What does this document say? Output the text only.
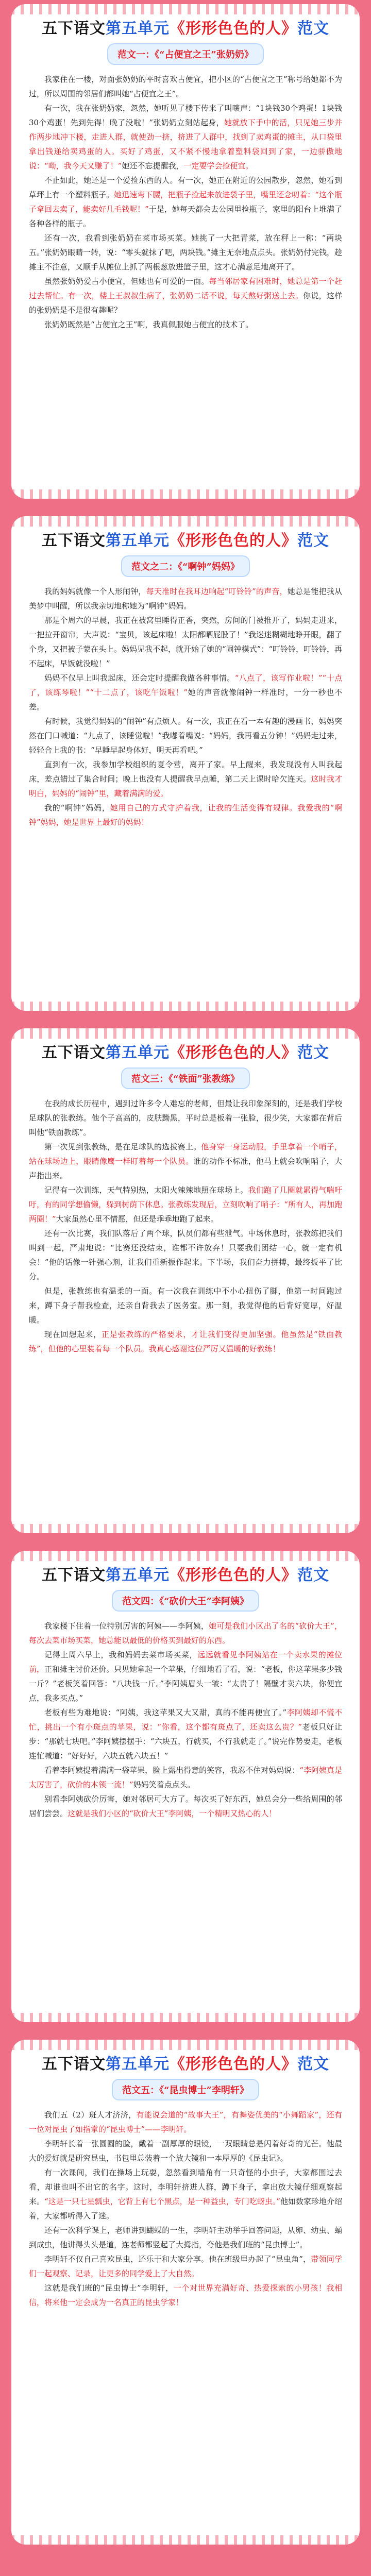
五下语文第五单元《形形色色的人》范文
范文一：《“占便宜之王”张奶奶》

我家住在一楼，对面张奶奶的平时喜欢占便宜，把小区的“占便宜之王”称号给她都不为过，所以周围的邻居们都叫她“占便宜之王”。

有一次，我在张奶奶家，忽然，她听见了楼下传来了叫嚷声：“1块钱30个鸡蛋！1块钱30个鸡蛋！先到先得！晚了没啦！”张奶奶立刻站起身，她就放下手中的活，只见她三步并作两步地冲下楼，走进人群，就使劲一挤，挤进了人群中，找到了卖鸡蛋的摊主，从口袋里拿出钱递给卖鸡蛋的人。买好了鸡蛋，又不紧不慢地拿着塑料袋回到了家，一边骄傲地说：“呦，我今天又赚了！”她还不忘提醒我，一定要学会捡便宜。

不止如此，她还是一个爱捡东西的人。有一次，她正在附近的公园散步，忽然，她看到草坪上有一个塑料瓶子。她迅速弯下腰，把瓶子捡起来放进袋子里，嘴里还念叨着：“这个瓶子拿回去卖了，能卖好几毛钱呢！”于是，她每天都会去公园里捡瓶子，家里的阳台上堆满了各种各样的瓶子。

还有一次，我看到张奶奶在菜市场买菜。她挑了一大把青菜，放在秤上一称：“两块五。”张奶奶眼睛一转，说：“零头就抹了吧，两块钱。”摊主无奈地点点头。张奶奶付完钱，趁摊主不注意，又顺手从摊位上抓了两根葱放进篮子里，这才心满意足地离开了。

虽然张奶奶爱占小便宜，但她也有可爱的一面。每当邻居家有困难时，她总是第一个赶过去帮忙。有一次，楼上王叔叔生病了，张奶奶二话不说，每天熬好粥送上去。你说，这样的张奶奶是不是很有趣呢？

张奶奶既然是“占便宜之王”啊，我真佩服她占便宜的技术了。

五下语文第五单元《形形色色的人》范文
范文之二：《“啊钟”妈妈》

我的妈妈就像一个人形闹钟，每天准时在我耳边响起“叮铃铃”的声音，她总是能把我从美梦中叫醒，所以我亲切地称她为“啊钟”妈妈。

那是个周六的早晨，我正在被窝里睡得正香，突然，房间的门被推开了，妈妈走进来，一把拉开窗帘，大声说：“宝贝，该起床啦！太阳都晒屁股了！”我迷迷糊糊地睁开眼，翻了个身，又把被子蒙在头上。妈妈见我不起，就开始了她的“闹钟模式”：“叮铃铃，叮铃铃，再不起床，早饭就没啦！”

妈妈不仅早上叫我起床，还会定时提醒我做各种事情。“八点了，该写作业啦！”“十点了，该练琴啦！”“十二点了，该吃午饭啦！”她的声音就像闹钟一样准时，一分一秒也不差。

有时候，我觉得妈妈的“闹钟”有点烦人。有一次，我正在看一本有趣的漫画书，妈妈突然在门口喊道：“九点了，该睡觉啦！”我嘟着嘴说：“妈妈，我再看五分钟！”妈妈走过来，轻轻合上我的书：“早睡早起身体好，明天再看吧。”

直到有一次，我参加学校组织的夏令营，离开了家。早上醒来，我发现没有人叫我起床，差点错过了集合时间；晚上也没有人提醒我早点睡，第二天上课时哈欠连天。这时我才明白，妈妈的“闹钟”里，藏着满满的爱。

我的“啊钟”妈妈，她用自己的方式守护着我，让我的生活变得有规律。我爱我的“啊钟”妈妈，她是世界上最好的妈妈！

五下语文第五单元《形形色色的人》范文
范文三：《“铁面”张教练》

在我的成长历程中，遇到过许多令人难忘的老师，但最让我印象深刻的，还是我们学校足球队的张教练。他个子高高的，皮肤黝黑，平时总是板着一张脸，很少笑，大家都在背后叫他“铁面教练”。

第一次见到张教练，是在足球队的选拔赛上。他身穿一身运动服，手里拿着一个哨子，站在球场边上，眼睛像鹰一样盯着每一个队员。谁的动作不标准，他马上就会吹响哨子，大声指出来。

记得有一次训练，天气特别热，太阳火辣辣地照在球场上。我们跑了几圈就累得气喘吁吁，有的同学想偷懒，躲到树荫下休息。张教练发现后，立刻吹响了哨子：“所有人，再加跑两圈！”大家虽然心里不情愿，但还是乖乖地跑了起来。

还有一次比赛，我们队落后了两个球，队员们都有些泄气。中场休息时，张教练把我们叫到一起，严肃地说：“比赛还没结束，谁都不许放弃！只要我们团结一心，就一定有机会！”他的话像一针强心剂，让我们重新振作起来。下半场，我们奋力拼搏，最终扳平了比分。

但是，张教练也有温柔的一面。有一次我在训练中不小心扭伤了脚，他第一时间跑过来，蹲下身子帮我检查，还亲自背我去了医务室。那一刻，我觉得他的后背好宽厚，好温暖。

现在回想起来，正是张教练的严格要求，才让我们变得更加坚强。他虽然是“铁面教练”，但他的心里装着每一个队员。我真心感谢这位严厉又温暖的好教练！

五下语文第五单元《形形色色的人》范文
范文四：《“砍价大王”李阿姨》

我家楼下住着一位特别厉害的阿姨——李阿姨，她可是我们小区出了名的“砍价大王”，每次去菜市场买菜，她总能以最低的价格买到最好的东西。

记得上周六早上，我和妈妈去菜市场买菜，远远就看见李阿姨站在一个卖水果的摊位前，正和摊主讨价还价。只见她拿起一个苹果，仔细地看了看，说：“老板，你这苹果多少钱一斤？”老板笑着回答：“八块钱一斤。”李阿姨眉头一皱：“太贵了！隔壁才卖六块，你便宜点，我多买点。”

老板有些为难地说：“阿姨，我这苹果又大又甜，真的不能再便宜了。”李阿姨却不慌不忙，挑出一个有小斑点的苹果，说：“你看，这个都有斑点了，还卖这么贵？”老板只好让步：“那就七块吧。”李阿姨摆摆手：“六块五，行就买，不行我就走了。”说完作势要走，老板连忙喊道：“好好好，六块五就六块五！”

看着李阿姨提着满满一袋苹果，脸上露出得意的笑容，我忍不住对妈妈说：“李阿姨真是太厉害了，砍价的本领一流！”妈妈笑着点点头。

别看李阿姨砍价厉害，她对邻居可大方了。每次买了好东西，她总会分一些给周围的邻居们尝尝。这就是我们小区的“砍价大王”李阿姨，一个精明又热心的人！

五下语文第五单元《形形色色的人》范文
范文五：《“昆虫博士”李明轩》

我们五（2）班人才济济，有能说会道的“故事大王”，有舞姿优美的“小舞蹈家”，还有一位对昆虫了如指掌的“昆虫博士”——李明轩。

李明轩长着一张圆圆的脸，戴着一副厚厚的眼镜，一双眼睛总是闪着好奇的光芒。他最大的爱好就是研究昆虫，书包里总装着一个放大镜和一本厚厚的《昆虫记》。

有一次课间，我们在操场上玩耍，忽然看到墙角有一只奇怪的小虫子，大家都围过去看，却谁也叫不出它的名字。这时，李明轩挤进人群，蹲下身子，拿出放大镜仔细观察起来。“这是一只七星瓢虫，它背上有七个黑点，是一种益虫，专门吃蚜虫。”他如数家珍地介绍着，大家都听得入了迷。

还有一次科学课上，老师讲到蝴蝶的一生，李明轩主动举手回答问题，从卵、幼虫、蛹到成虫，他讲得头头是道，连老师都竖起了大拇指，夸他是我们班的“昆虫博士”。

李明轩不仅自己喜欢昆虫，还乐于和大家分享。他在班级里办起了“昆虫角”，带领同学们一起观察、记录，让更多的同学爱上了大自然。

这就是我们班的“昆虫博士”李明轩，一个对世界充满好奇、热爱探索的小男孩！我相信，将来他一定会成为一名真正的昆虫学家！
